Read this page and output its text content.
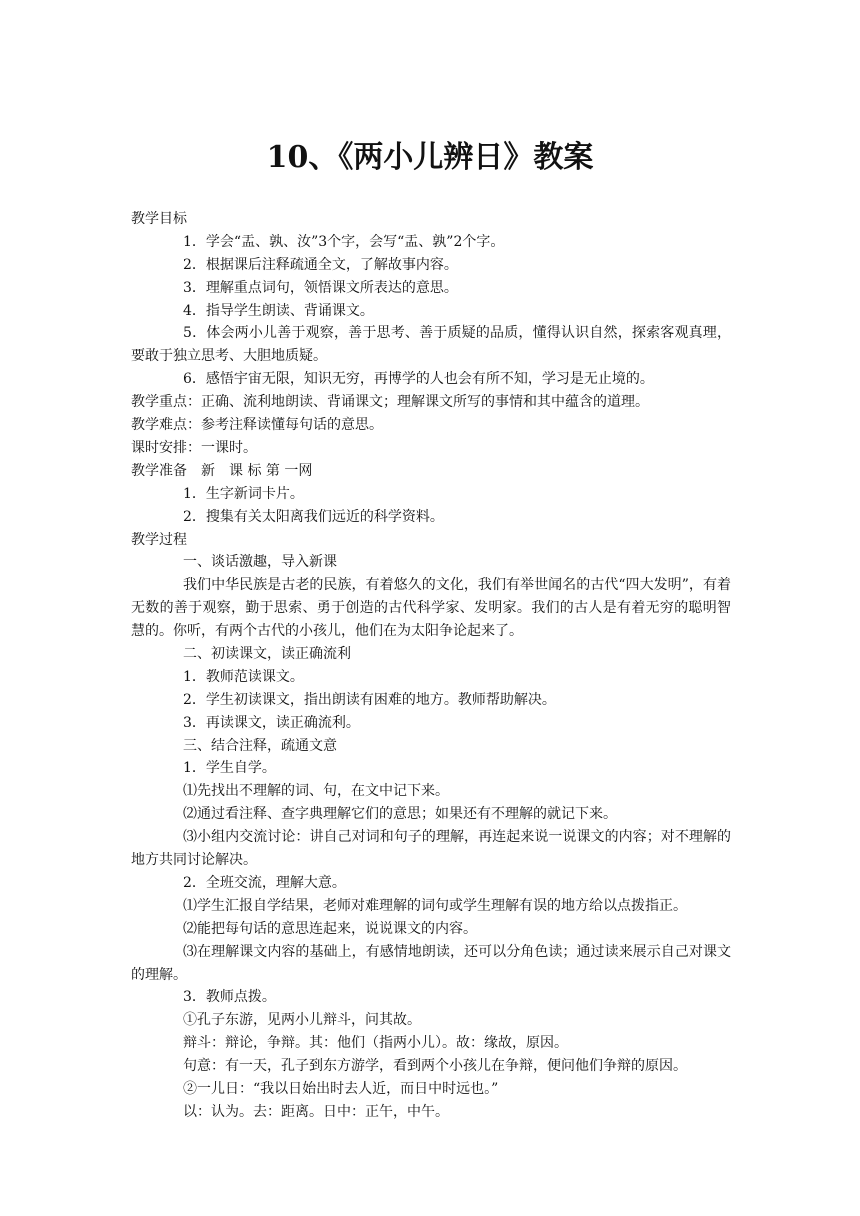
10、《两小儿辨日》教案
教学目标
1．学会“盂、孰、汝”3个字，会写“盂、孰”2个字。
2．根据课后注释疏通全文，了解故事内容。
3．理解重点词句，领悟课文所表达的意思。
4．指导学生朗读、背诵课文。
5．体会两小儿善于观察，善于思考、善于质疑的品质，懂得认识自然，探索客观真理，要敢于独立思考、大胆地质疑。
6．感悟宇宙无限，知识无穷，再博学的人也会有所不知，学习是无止境的。
教学重点：正确、流利地朗读、背诵课文；理解课文所写的事情和其中蕴含的道理。
教学难点：参考注释读懂每句话的意思。
课时安排：一课时。
教学准备　新　课 标 第 一网
1．生字新词卡片。
2．搜集有关太阳离我们远近的科学资料。
教学过程
一、谈话激趣，导入新课
我们中华民族是古老的民族，有着悠久的文化，我们有举世闻名的古代“四大发明”，有着无数的善于观察，勤于思索、勇于创造的古代科学家、发明家。我们的古人是有着无穷的聪明智慧的。你听，有两个古代的小孩儿，他们在为太阳争论起来了。
二、初读课文，读正确流利
1．教师范读课文。
2．学生初读课文，指出朗读有困难的地方。教师帮助解决。
3．再读课文，读正确流利。
三、结合注释，疏通文意
1．学生自学。
⑴先找出不理解的词、句，在文中记下来。
⑵通过看注释、查字典理解它们的意思；如果还有不理解的就记下来。
⑶小组内交流讨论：讲自己对词和句子的理解，再连起来说一说课文的内容；对不理解的地方共同讨论解决。
2．全班交流，理解大意。
⑴学生汇报自学结果，老师对难理解的词句或学生理解有误的地方给以点拨指正。
⑵能把每句话的意思连起来，说说课文的内容。
⑶在理解课文内容的基础上，有感情地朗读，还可以分角色读；通过读来展示自己对课文的理解。
3．教师点拨。
①孔子东游，见两小儿辩斗，问其故。
辩斗：辩论，争辩。其：他们（指两小儿）。故：缘故，原因。
句意：有一天，孔子到东方游学，看到两个小孩儿在争辩，便问他们争辩的原因。
②一儿日：“我以日始出时去人近，而日中时远也。”
以：认为。去：距离。日中：正午，中午。
